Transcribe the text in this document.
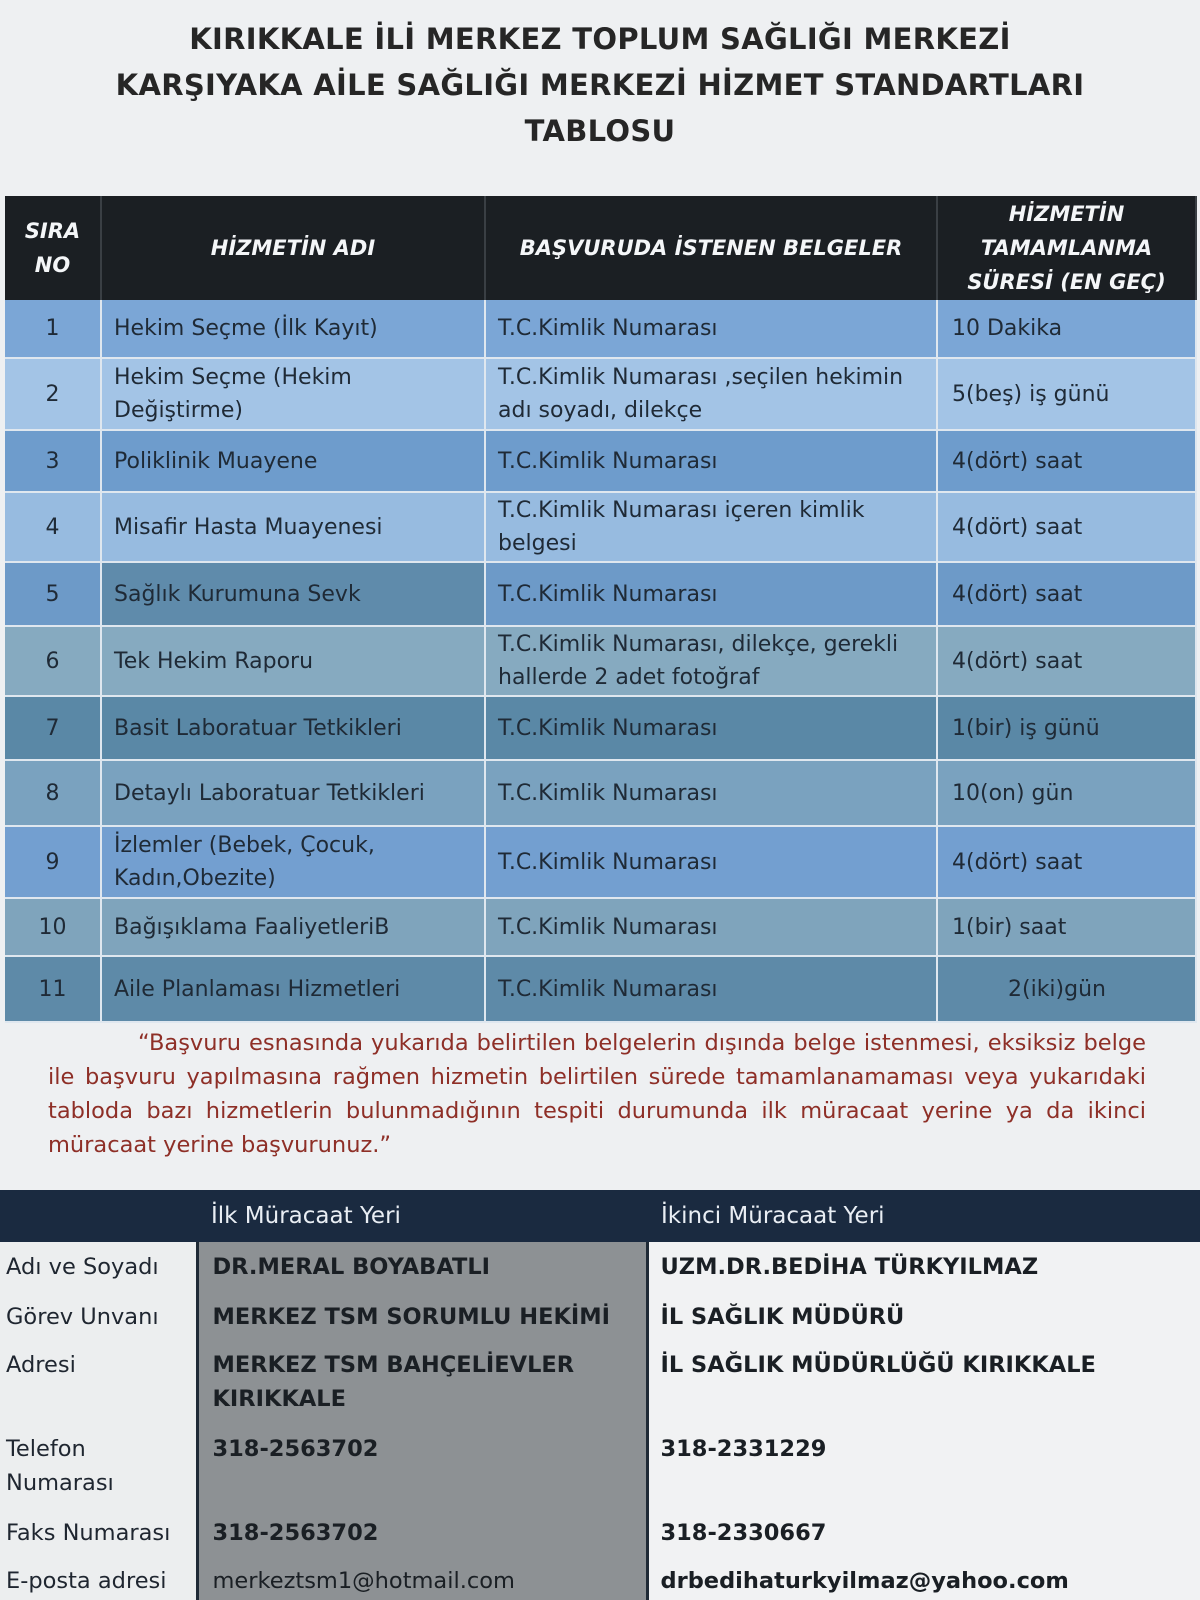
KIRIKKALE İLİ MERKEZ TOPLUM SAĞLIĞI MERKEZİ
KARŞIYAKA AİLE SAĞLIĞI MERKEZİ HİZMET STANDARTLARI
TABLOSU
SIRA NO	HİZMETİN ADI	BAŞVURUDA İSTENEN BELGELER	HİZMETİN TAMAMLANMA SÜRESİ (EN GEÇ)
1	Hekim Seçme (İlk Kayıt)	T.C.Kimlik Numarası	10 Dakika
2	Hekim Seçme (Hekim Değiştirme)	T.C.Kimlik Numarası ,seçilen hekimin adı soyadı, dilekçe	5(beş) iş günü
3	Poliklinik Muayene	T.C.Kimlik Numarası	4(dört) saat
4	Misafir Hasta Muayenesi	T.C.Kimlik Numarası içeren kimlik belgesi	4(dört) saat
5	Sağlık Kurumuna Sevk	T.C.Kimlik Numarası	4(dört) saat
6	Tek Hekim Raporu	T.C.Kimlik Numarası, dilekçe, gerekli hallerde 2 adet fotoğraf	4(dört) saat
7	Basit Laboratuar Tetkikleri	T.C.Kimlik Numarası	1(bir) iş günü
8	Detaylı Laboratuar Tetkikleri	T.C.Kimlik Numarası	10(on) gün
9	İzlemler (Bebek, Çocuk, Kadın,Obezite)	T.C.Kimlik Numarası	4(dört) saat
10	Bağışıklama FaaliyetleriB	T.C.Kimlik Numarası	1(bir) saat
11	Aile Planlaması Hizmetleri	T.C.Kimlik Numarası	2(iki)gün
“Başvuru esnasında yukarıda belirtilen belgelerin dışında belge istenmesi, eksiksiz belge ile başvuru yapılmasına rağmen hizmetin belirtilen sürede tamamlanamaması veya yukarıdaki tabloda bazı hizmetlerin bulunmadığının tespiti durumunda ilk müracaat yerine ya da ikinci müracaat yerine başvurunuz.”
	İlk Müracaat Yeri	İkinci Müracaat Yeri
Adı ve Soyadı	DR.MERAL BOYABATLI	UZM.DR.BEDİHA TÜRKYILMAZ
Görev Unvanı	MERKEZ TSM SORUMLU HEKİMİ	İL SAĞLIK MÜDÜRÜ
Adresi	MERKEZ TSM BAHÇELİEVLER KIRIKKALE	İL SAĞLIK MÜDÜRLÜĞÜ KIRIKKALE
Telefon Numarası	318-2563702	318-2331229
Faks Numarası	318-2563702	318-2330667
E-posta adresi	merkeztsm1@hotmail.com	drbedihaturkyilmaz@yahoo.com
